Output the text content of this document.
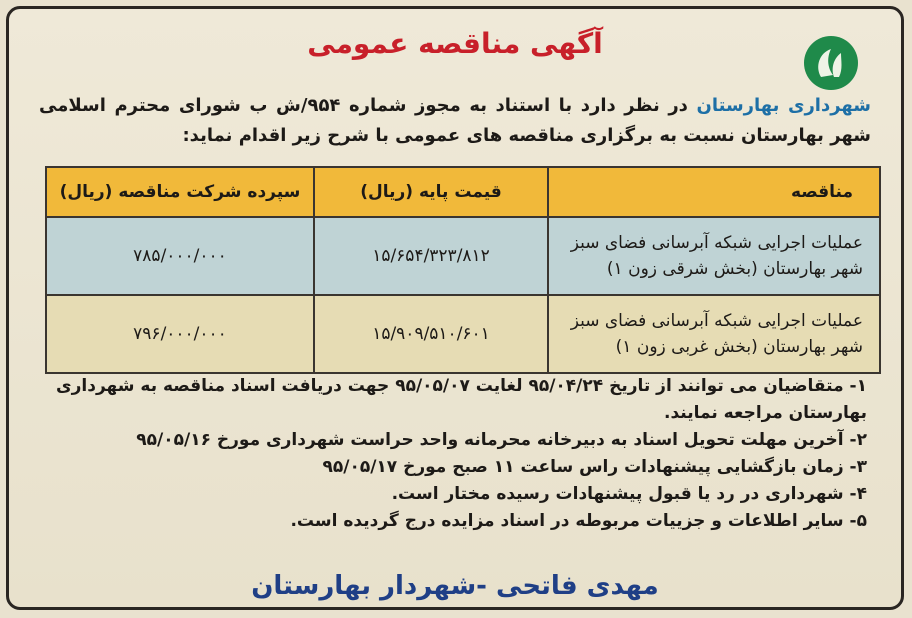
آگهی مناقصه عمومی
شهرداری بهارستان در نظر دارد با استناد به مجوز شماره ۹۵۴/ش ب شورای محترم اسلامی شهر بهارستان نسبت به برگزاری مناقصه های عمومی با شرح زیر اقدام نماید:
مناقصه	قیمت پایه (ریال)	سپرده شرکت مناقصه (ریال)
عملیات اجرایی شبکه آبرسانی فضای سبز شهر بهارستان (بخش شرقی زون ۱)	۱۵/۶۵۴/۳۲۳/۸۱۲	۷۸۵/۰۰۰/۰۰۰
عملیات اجرایی شبکه آبرسانی فضای سبز شهر بهارستان (بخش غربی زون ۱)	۱۵/۹۰۹/۵۱۰/۶۰۱	۷۹۶/۰۰۰/۰۰۰
۱- متقاضیان می توانند از تاریخ ۹۵/۰۴/۲۴ لغایت ۹۵/۰۵/۰۷ جهت دریافت اسناد مناقصه به شهرداری بهارستان مراجعه نمایند.
۲- آخرین مهلت تحویل اسناد به دبیرخانه محرمانه واحد حراست شهرداری مورخ ۹۵/۰۵/۱۶
۳- زمان بازگشایی پیشنهادات راس ساعت ۱۱ صبح مورخ ۹۵/۰۵/۱۷
۴- شهرداری در رد یا قبول پیشنهادات رسیده مختار است.
۵- سایر اطلاعات و جزییات مربوطه در اسناد مزایده درج گردیده است.
مهدی فاتحی -شهردار بهارستان
